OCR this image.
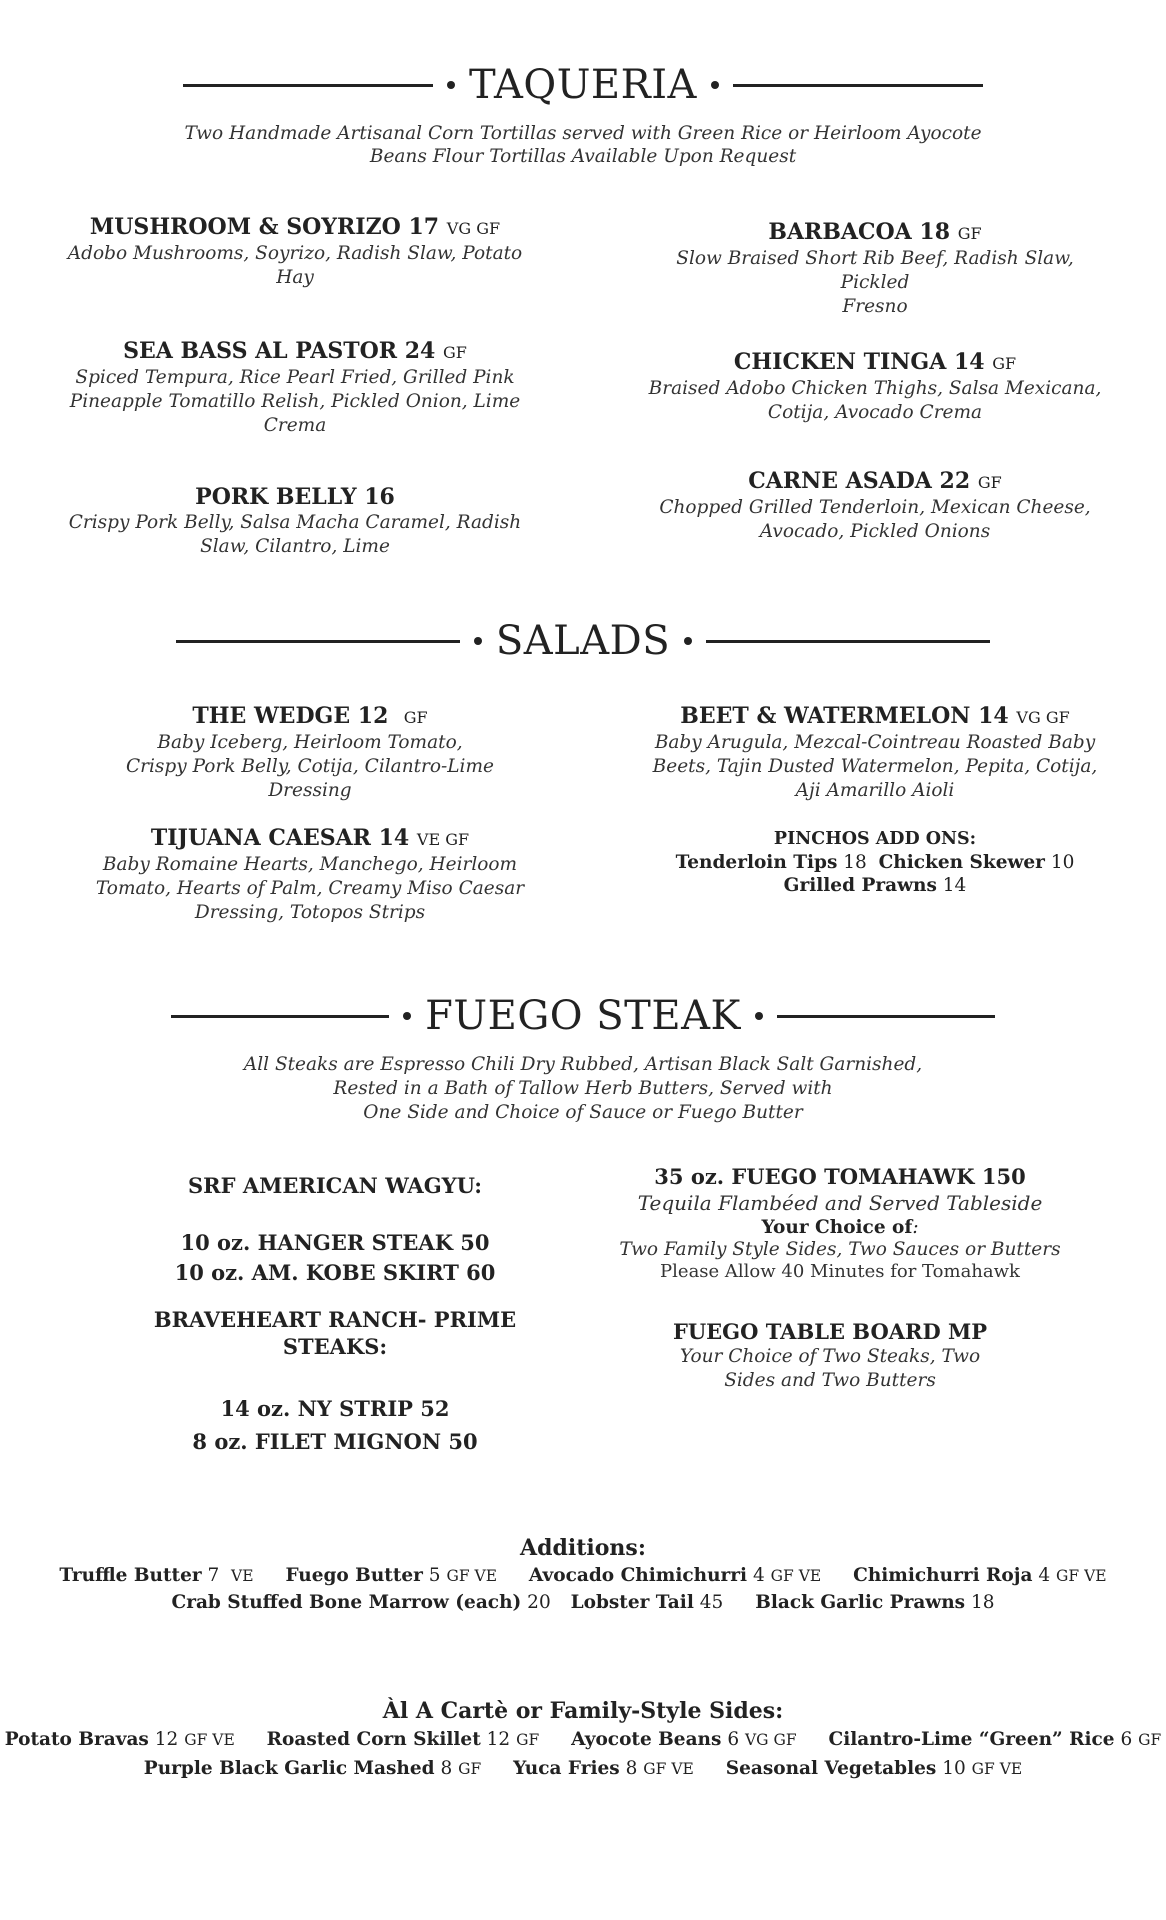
TAQUERIA
Two Handmade Artisanal Corn Tortillas served with Green Rice or Heirloom Ayocote
Beans Flour Tortillas Available Upon Request
MUSHROOM & SOYRIZO 17 VG GF
Adobo Mushrooms, Soyrizo, Radish Slaw, Potato
Hay
BARBACOA 18 GF
Slow Braised Short Rib Beef, Radish Slaw, Pickled
Fresno
SEA BASS AL PASTOR 24 GF
Spiced Tempura, Rice Pearl Fried, Grilled Pink
Pineapple Tomatillo Relish, Pickled Onion, Lime
Crema
CHICKEN TINGA 14 GF
Braised Adobo Chicken Thighs, Salsa Mexicana,
Cotija, Avocado Crema
PORK BELLY 16
Crispy Pork Belly, Salsa Macha Caramel, Radish
Slaw, Cilantro, Lime
CARNE ASADA 22 GF
Chopped Grilled Tenderloin, Mexican Cheese,
Avocado, Pickled Onions
SALADS
THE WEDGE 12 GF
Baby Iceberg, Heirloom Tomato,
Crispy Pork Belly, Cotija, Cilantro-Lime Dressing
BEET & WATERMELON 14 VG GF
Baby Arugula, Mezcal-Cointreau Roasted Baby
Beets, Tajin Dusted Watermelon, Pepita, Cotija,
Aji Amarillo Aioli
TIJUANA CAESAR 14 VE GF
Baby Romaine Hearts, Manchego, Heirloom
Tomato, Hearts of Palm, Creamy Miso Caesar
Dressing, Totopos Strips
PINCHOS ADD ONS:
Tenderloin Tips 18 Chicken Skewer 10
Grilled Prawns 14
FUEGO STEAK
All Steaks are Espresso Chili Dry Rubbed, Artisan Black Salt Garnished,
Rested in a Bath of Tallow Herb Butters, Served with
One Side and Choice of Sauce or Fuego Butter
SRF AMERICAN WAGYU:
10 oz. HANGER STEAK 50
10 oz. AM. KOBE SKIRT 60
BRAVEHEART RANCH- PRIME
STEAKS:
14 oz. NY STRIP 52
8 oz. FILET MIGNON 50
35 oz. FUEGO TOMAHAWK 150
Tequila Flambéed and Served Tableside
Your Choice of:
Two Family Style Sides, Two Sauces or Butters
Please Allow 40 Minutes for Tomahawk
FUEGO TABLE BOARD MP
Your Choice of Two Steaks, Two
Sides and Two Butters
Additions:
Truffle Butter 7 VE Fuego Butter 5 GF VE Avocado Chimichurri 4 GF VE Chimichurri Roja 4 GF VE
Crab Stuffed Bone Marrow (each) 20 Lobster Tail 45 Black Garlic Prawns 18
Àl A Cartè or Family-Style Sides:
Potato Bravas 12 GF VE Roasted Corn Skillet 12 GF Ayocote Beans 6 VG GF Cilantro-Lime “Green” Rice 6 GF
Purple Black Garlic Mashed 8 GF Yuca Fries 8 GF VE Seasonal Vegetables 10 GF VE
